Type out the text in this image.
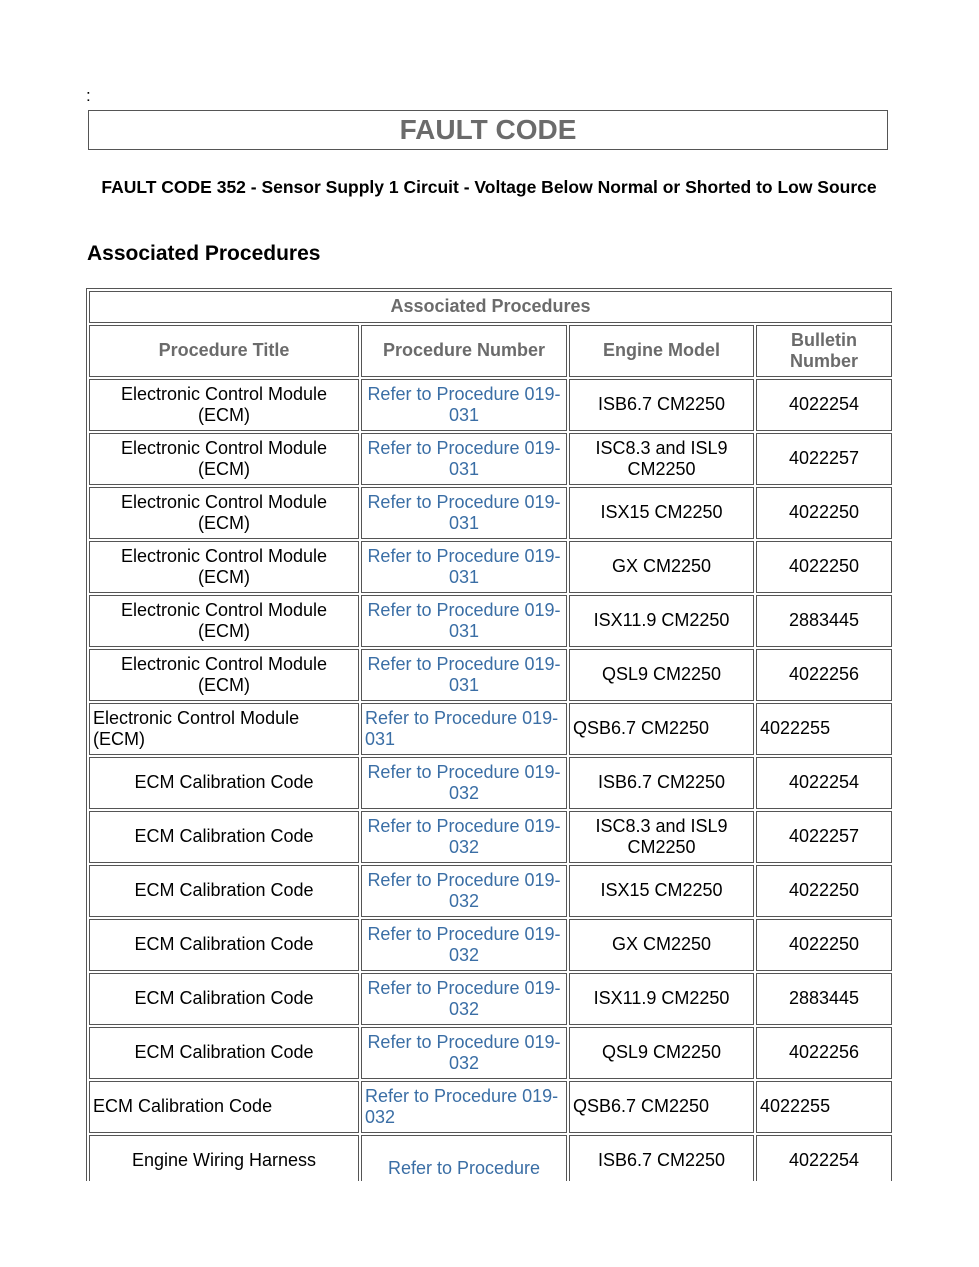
:
FAULT CODE
FAULT CODE 352 - Sensor Supply 1 Circuit - Voltage Below Normal or Shorted to Low Source
Associated Procedures
Associated Procedures			
Procedure Title	Procedure Number	Engine Model	Bulletin Number
Electronic Control Module (ECM)	Refer to Procedure 019-031	ISB6.7 CM2250	4022254
Electronic Control Module (ECM)	Refer to Procedure 019-031	ISC8.3 and ISL9 CM2250	4022257
Electronic Control Module (ECM)	Refer to Procedure 019-031	ISX15 CM2250	4022250
Electronic Control Module (ECM)	Refer to Procedure 019-031	GX CM2250	4022250
Electronic Control Module (ECM)	Refer to Procedure 019-031	ISX11.9 CM2250	2883445
Electronic Control Module (ECM)	Refer to Procedure 019-031	QSL9 CM2250	4022256
Electronic Control Module (ECM)	Refer to Procedure 019-031	QSB6.7 CM2250	4022255
ECM Calibration Code	Refer to Procedure 019-032	ISB6.7 CM2250	4022254
ECM Calibration Code	Refer to Procedure 019-032	ISC8.3 and ISL9 CM2250	4022257
ECM Calibration Code	Refer to Procedure 019-032	ISX15 CM2250	4022250
ECM Calibration Code	Refer to Procedure 019-032	GX CM2250	4022250
ECM Calibration Code	Refer to Procedure 019-032	ISX11.9 CM2250	2883445
ECM Calibration Code	Refer to Procedure 019-032	QSL9 CM2250	4022256
ECM Calibration Code	Refer to Procedure 019-032	QSB6.7 CM2250	4022255
Engine Wiring Harness	Refer to Procedure	ISB6.7 CM2250	4022254
